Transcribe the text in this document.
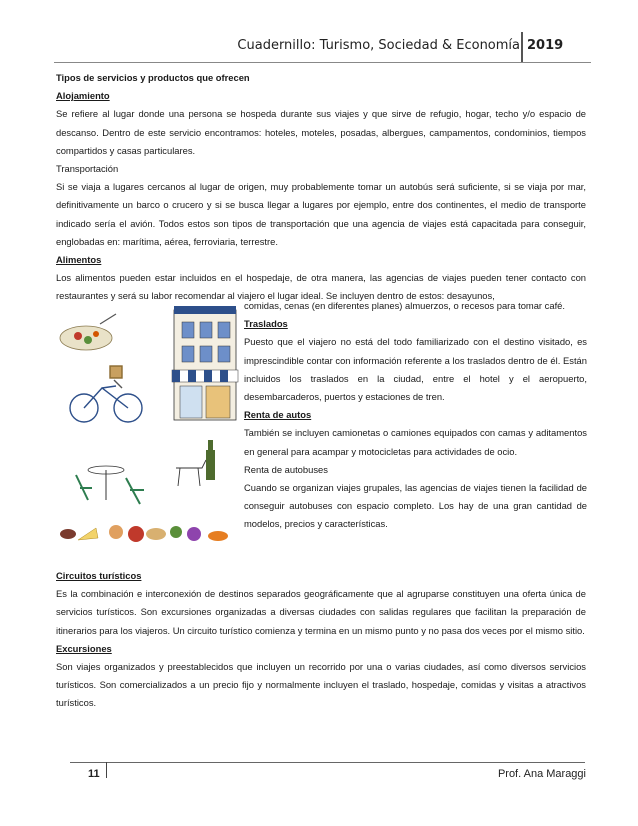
Cuadernillo: Turismo, Sociedad & Economía 2019

Tipos de servicios y productos que ofrecen

Alojamiento

Se refiere al lugar donde una persona se hospeda durante sus viajes y que sirve de refugio, hogar, techo y/o espacio de descanso. Dentro de este servicio encontramos: hoteles, moteles, posadas, albergues, campamentos, condominios, tiempos compartidos y casas particulares.

Transportación

Si se viaja a lugares cercanos al lugar de origen, muy probablemente tomar un autobús será suficiente, si se viaja por mar, definitivamente un barco o crucero y si se busca llegar a lugares por ejemplo, entre dos continentes, el medio de transporte indicado sería el avión. Todos estos son tipos de transportación que una agencia de viajes está capacitada para conseguir, englobadas en: marítima, aérea, ferroviaria, terrestre.

Alimentos

Los alimentos pueden estar incluidos en el hospedaje, de otra manera, las agencias de viajes pueden tener contacto con restaurantes y será su labor recomendar al viajero el lugar ideal. Se incluyen dentro de estos: desayunos,

comidas, cenas (en diferentes planes) almuerzos, o recesos para tomar café.

Traslados

Puesto que el viajero no está del todo familiarizado con el destino visitado, es imprescindible contar con información referente a los traslados dentro de él. Están incluidos los traslados en la ciudad, entre el hotel y el aeropuerto, desembarcaderos, puertos y estaciones de tren.

Renta de autos

También se incluyen camionetas o camiones equipados con camas y aditamentos en general para acampar y motocicletas para actividades de ocio.

Renta de autobuses

Cuando se organizan viajes grupales, las agencias de viajes tienen la facilidad de conseguir autobuses con espacio completo. Los hay de una gran cantidad de modelos, precios y características.

Circuitos turísticos

Es la combinación e interconexión de destinos separados geográficamente que al agruparse constituyen una oferta única de servicios turísticos. Son excursiones organizadas a diversas ciudades con salidas regulares que facilitan la preparación de itinerarios para los viajeros. Un circuito turístico comienza y termina en un mismo punto y no pasa dos veces por el mismo sitio.

Excursiones

Son viajes organizados y preestablecidos que incluyen un recorrido por una o varias ciudades, así como diversos servicios turísticos. Son comercializados a un precio fijo y normalmente incluyen el traslado, hospedaje, comidas y visitas a atractivos turísticos.

11	Prof. Ana Maraggi
